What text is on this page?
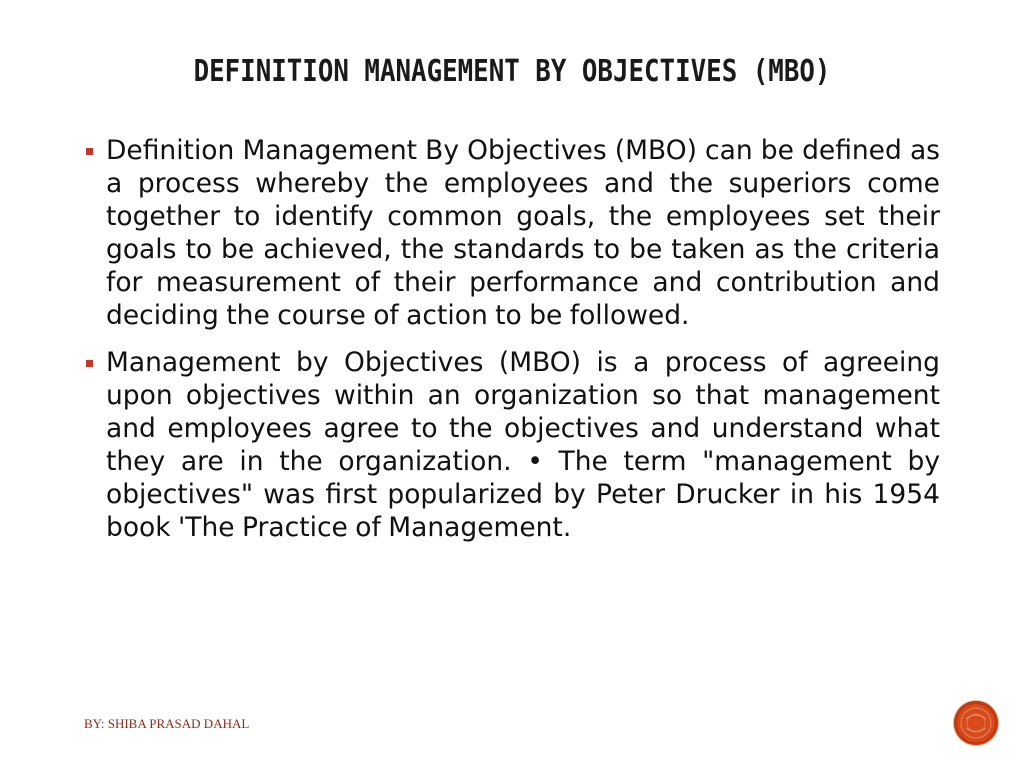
DEFINITION MANAGEMENT BY OBJECTIVES (MBO)

Definition Management By Objectives (MBO) can be defined as a process whereby the employees and the superiors come together to identify common goals, the employees set their goals to be achieved, the standards to be taken as the criteria for measurement of their performance and contribution and deciding the course of action to be followed.

Management by Objectives (MBO) is a process of agreeing upon objectives within an organization so that management and employees agree to the objectives and understand what they are in the organization. • The term "management by objectives" was first popularized by Peter Drucker in his 1954 book 'The Practice of Management.

BY: SHIBA PRASAD DAHAL
